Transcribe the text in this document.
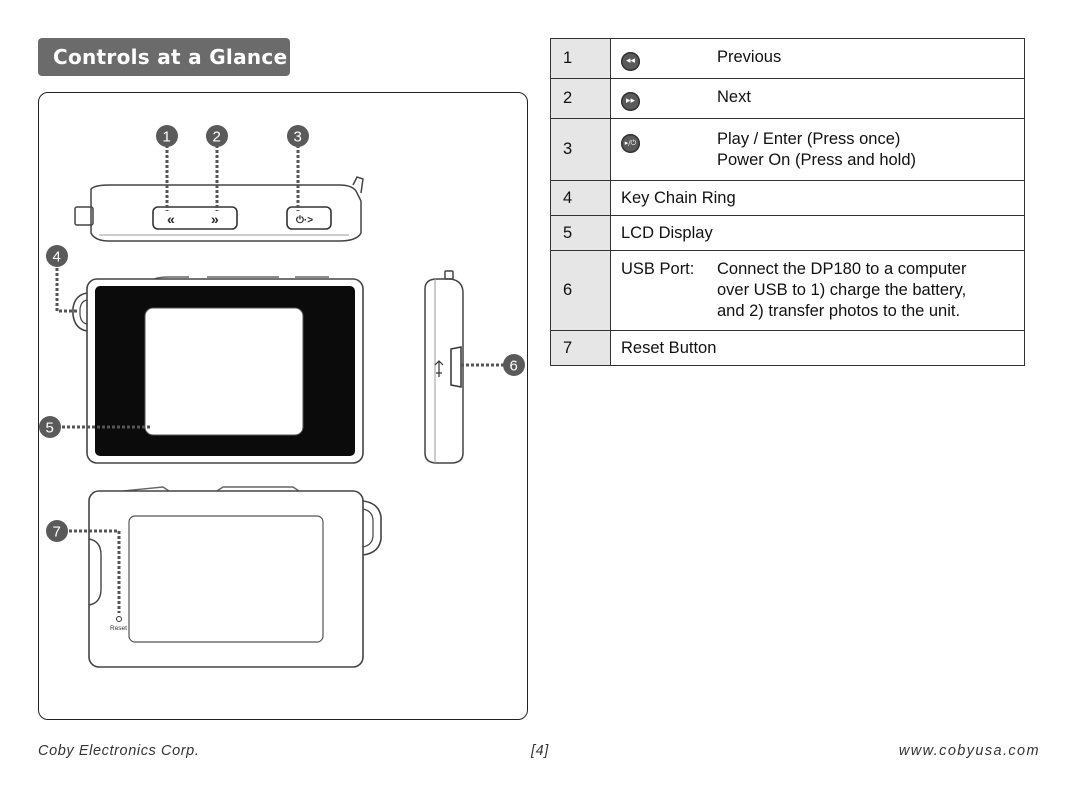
Controls at a Glance
«	»	⏻·>
1	2	3
4
5
6
Reset
7
1	◂◂ Previous

2	▸▸ Next

3	▸/⏻ Play / Enter (Press once)
Power On (Press and hold)

4	Key Chain Ring
5	LCD Display
6	USB Port: Connect the DP180 to a computer
over USB to 1) charge the battery,
and 2) transfer photos to the unit.

7	Reset Button
Coby Electronics Corp.	[4]	www.cobyusa.com
